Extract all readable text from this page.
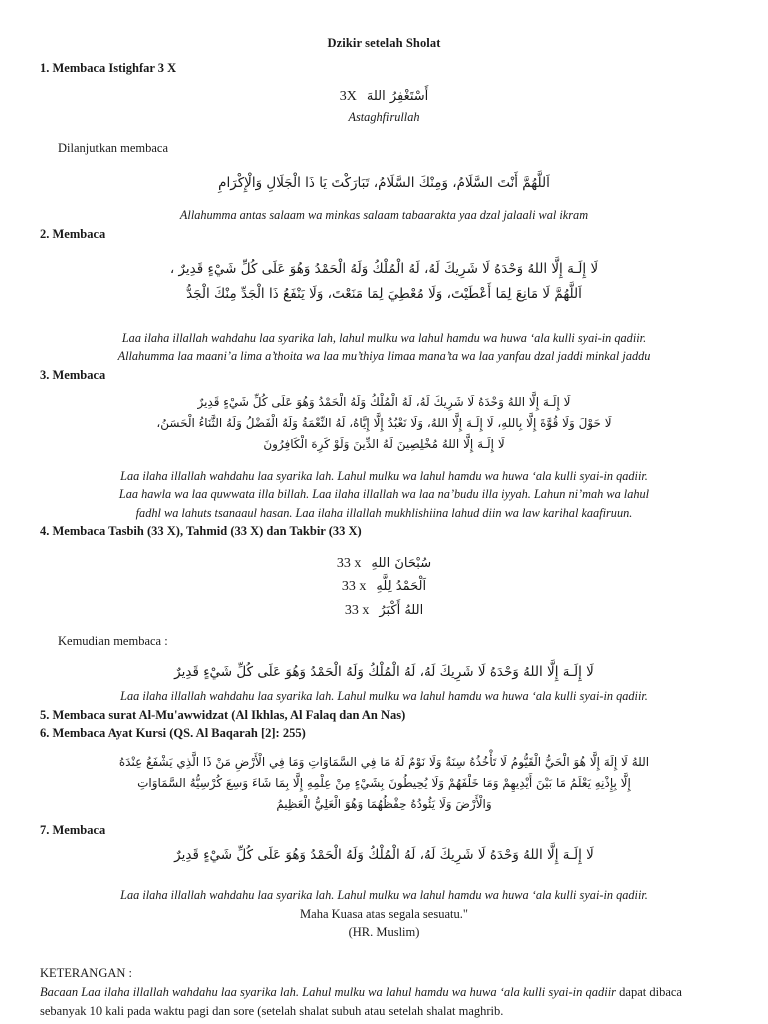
Dzikir setelah Sholat
1. Membaca Istighfar 3 X
3X أَسْتَغْفِرُ اللهَ
Astaghfirullah
Dilanjutkan membaca
اَللَّهُمَّ أَنْتَ السَّلَامُ، وَمِنْكَ السَّلَامُ، تَبَارَكْتَ يَا ذَا الْجَلَالِ وَالْإِكْرَامِ
Allahumma antas salaam wa minkas salaam tabaarakta yaa dzal jalaali wal ikram
2. Membaca
لَا إِلَـهَ إِلَّا اللهُ وَحْدَهُ لَا شَرِيكَ لَهُ، لَهُ الْمُلْكُ وَلَهُ الْحَمْدُ وَهُوَ عَلَى كُلِّ شَيْءٍ قَدِيرٌ ،
اَللَّهُمَّ لَا مَانِعَ لِمَا أَعْطَيْتَ، وَلَا مُعْطِيَ لِمَا مَنَعْتَ، وَلَا يَنْفَعُ ذَا الْجَدِّ مِنْكَ الْجَدُّ
Laa ilaha illallah wahdahu laa syarika lah, lahul mulku wa lahul hamdu wa huwa ‘ala kulli syai-in qadiir.
Allahumma laa maani’a lima a’thoita wa laa mu’thiya limaa mana’ta wa laa yanfau dzal jaddi minkal jaddu
3. Membaca
لَا إِلَـهَ إِلَّا اللهُ وَحْدَهُ لَا شَرِيكَ لَهُ، لَهُ الْمُلْكُ وَلَهُ الْحَمْدُ وَهُوَ عَلَى كُلِّ شَيْءٍ قَدِيرٌ
لَا حَوْلَ وَلَا قُوَّةَ إِلَّا بِاللهِ، لَا إِلَـهَ إِلَّا اللهُ، وَلَا نَعْبُدُ إِلَّا إِيَّاهُ، لَهُ النِّعْمَةُ وَلَهُ الْفَضْلُ وَلَهُ الثَّنَاءُ الْحَسَنُ،
لَا إِلَـهَ إِلَّا اللهُ مُخْلِصِينَ لَهُ الدِّينَ وَلَوْ كَرِهَ الْكَافِرُونَ
Laa ilaha illallah wahdahu laa syarika lah. Lahul mulku wa lahul hamdu wa huwa ‘ala kulli syai-in qadiir.
Laa hawla wa laa quwwata illa billah. Laa ilaha illallah wa laa na’budu illa iyyah. Lahun ni’mah wa lahul
fadhl wa lahuts tsanaaul hasan. Laa ilaha illallah mukhlishiina lahud diin wa law karihal kaafiruun.
4. Membaca Tasbih (33 X), Tahmid (33 X) dan Takbir (33 X)
33 x سُبْحَانَ اللهِ
33 x اَلْحَمْدُ لِلَّهِ
33 x اللهُ أَكْبَرُ
Kemudian membaca :
لَا إِلَـهَ إِلَّا اللهُ وَحْدَهُ لَا شَرِيكَ لَهُ، لَهُ الْمُلْكُ وَلَهُ الْحَمْدُ وَهُوَ عَلَى كُلِّ شَيْءٍ قَدِيرٌ
Laa ilaha illallah wahdahu laa syarika lah. Lahul mulku wa lahul hamdu wa huwa ‘ala kulli syai-in qadiir.
5. Membaca surat Al-Mu'awwidzat (Al Ikhlas, Al Falaq dan An Nas)
6. Membaca Ayat Kursi (QS. Al Baqarah [2]: 255)
اللهُ لَا إِلَهَ إِلَّا هُوَ الْحَيُّ الْقَيُّومُ لَا تَأْخُذُهُ سِنَةٌ وَلَا نَوْمٌ لَهُ مَا فِي السَّمَاوَاتِ وَمَا فِي الْأَرْضِ مَنْ ذَا الَّذِي يَشْفَعُ عِنْدَهُ
إِلَّا بِإِذْنِهِ يَعْلَمُ مَا بَيْنَ أَيْدِيهِمْ وَمَا خَلْفَهُمْ وَلَا يُحِيطُونَ بِشَيْءٍ مِنْ عِلْمِهِ إِلَّا بِمَا شَاءَ وَسِعَ كُرْسِيُّهُ السَّمَاوَاتِ
وَالْأَرْضَ وَلَا يَئُودُهُ حِفْظُهُمَا وَهُوَ الْعَلِيُّ الْعَظِيمُ
7. Membaca
لَا إِلَـهَ إِلَّا اللهُ وَحْدَهُ لَا شَرِيكَ لَهُ، لَهُ الْمُلْكُ وَلَهُ الْحَمْدُ وَهُوَ عَلَى كُلِّ شَيْءٍ قَدِيرٌ
Laa ilaha illallah wahdahu laa syarika lah. Lahul mulku wa lahul hamdu wa huwa ‘ala kulli syai-in qadiir.
Maha Kuasa atas segala sesuatu."
(HR. Muslim)
KETERANGAN :
Bacaan Laa ilaha illallah wahdahu laa syarika lah. Lahul mulku wa lahul hamdu wa huwa ‘ala kulli syai-in qadiir dapat dibaca sebanyak 10 kali pada waktu pagi dan sore (setelah shalat subuh atau setelah shalat maghrib.
